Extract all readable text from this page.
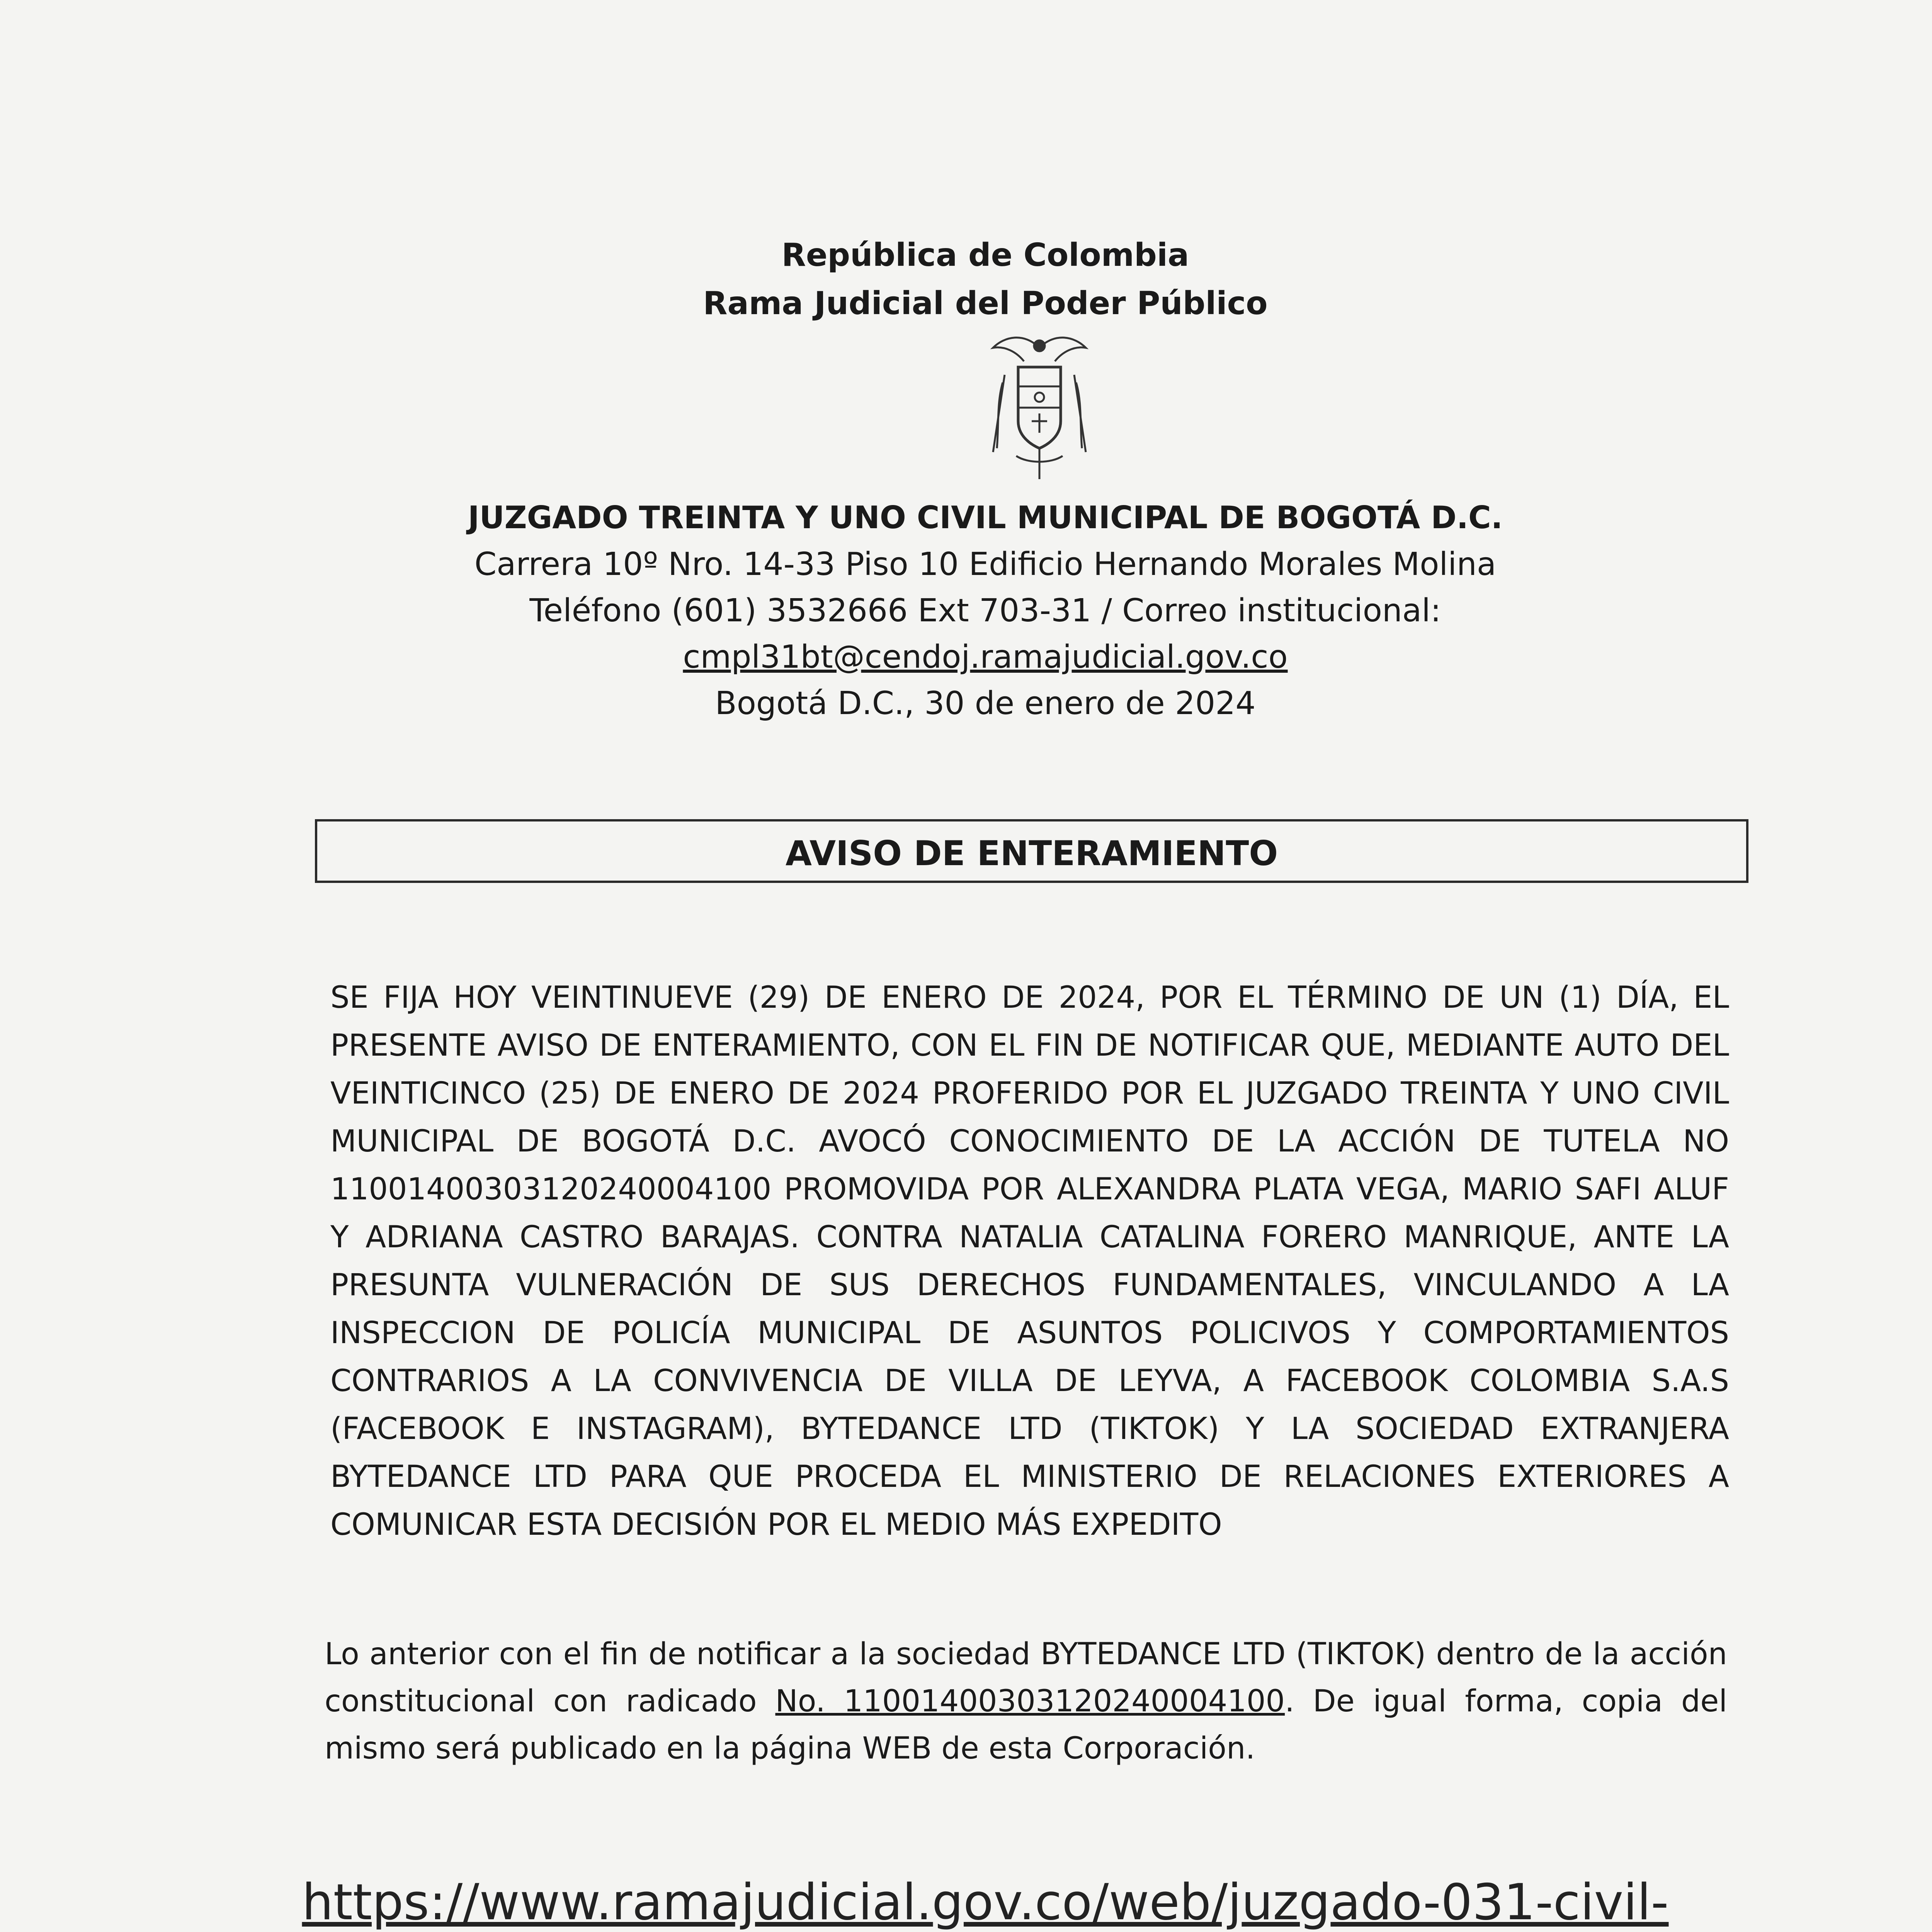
República de Colombia
Rama Judicial del Poder Público
JUZGADO TREINTA Y UNO CIVIL MUNICIPAL DE BOGOTÁ D.C.
Carrera 10º Nro. 14-33 Piso 10 Edificio Hernando Morales Molina
Teléfono (601) 3532666 Ext 703-31 / Correo institucional:
cmpl31bt@cendoj.ramajudicial.gov.co
Bogotá D.C., 30 de enero de 2024
AVISO DE ENTERAMIENTO
SE FIJA HOY VEINTINUEVE (29) DE ENERO DE 2024, POR EL TÉRMINO DE UN (1) DÍA, EL PRESENTE AVISO DE ENTERAMIENTO, CON EL FIN DE NOTIFICAR QUE, MEDIANTE AUTO DEL VEINTICINCO (25) DE ENERO DE 2024 PROFERIDO POR EL JUZGADO TREINTA Y UNO CIVIL MUNICIPAL DE BOGOTÁ D.C. AVOCÓ CONOCIMIENTO DE LA ACCIÓN DE TUTELA NO 11001400303120240004100 PROMOVIDA POR ALEXANDRA PLATA VEGA, MARIO SAFI ALUF Y ADRIANA CASTRO BARAJAS. CONTRA NATALIA CATALINA FORERO MANRIQUE, ANTE LA PRESUNTA VULNERACIÓN DE SUS DERECHOS FUNDAMENTALES, VINCULANDO A LA INSPECCION DE POLICÍA MUNICIPAL DE ASUNTOS POLICIVOS Y COMPORTAMIENTOS CONTRARIOS A LA CONVIVENCIA DE VILLA DE LEYVA, A FACEBOOK COLOMBIA S.A.S (FACEBOOK E INSTAGRAM), BYTEDANCE LTD (TIKTOK) Y LA SOCIEDAD EXTRANJERA BYTEDANCE LTD PARA QUE PROCEDA EL MINISTERIO DE RELACIONES EXTERIORES A COMUNICAR ESTA DECISIÓN POR EL MEDIO MÁS EXPEDITO
Lo anterior con el fin de notificar a la sociedad BYTEDANCE LTD (TIKTOK) dentro de la acción constitucional con radicado No. 11001400303120240004100. De igual forma, copia del mismo será publicado en la página WEB de esta Corporación.
https://www.ramajudicial.gov.co/web/juzgado-031-civil-
